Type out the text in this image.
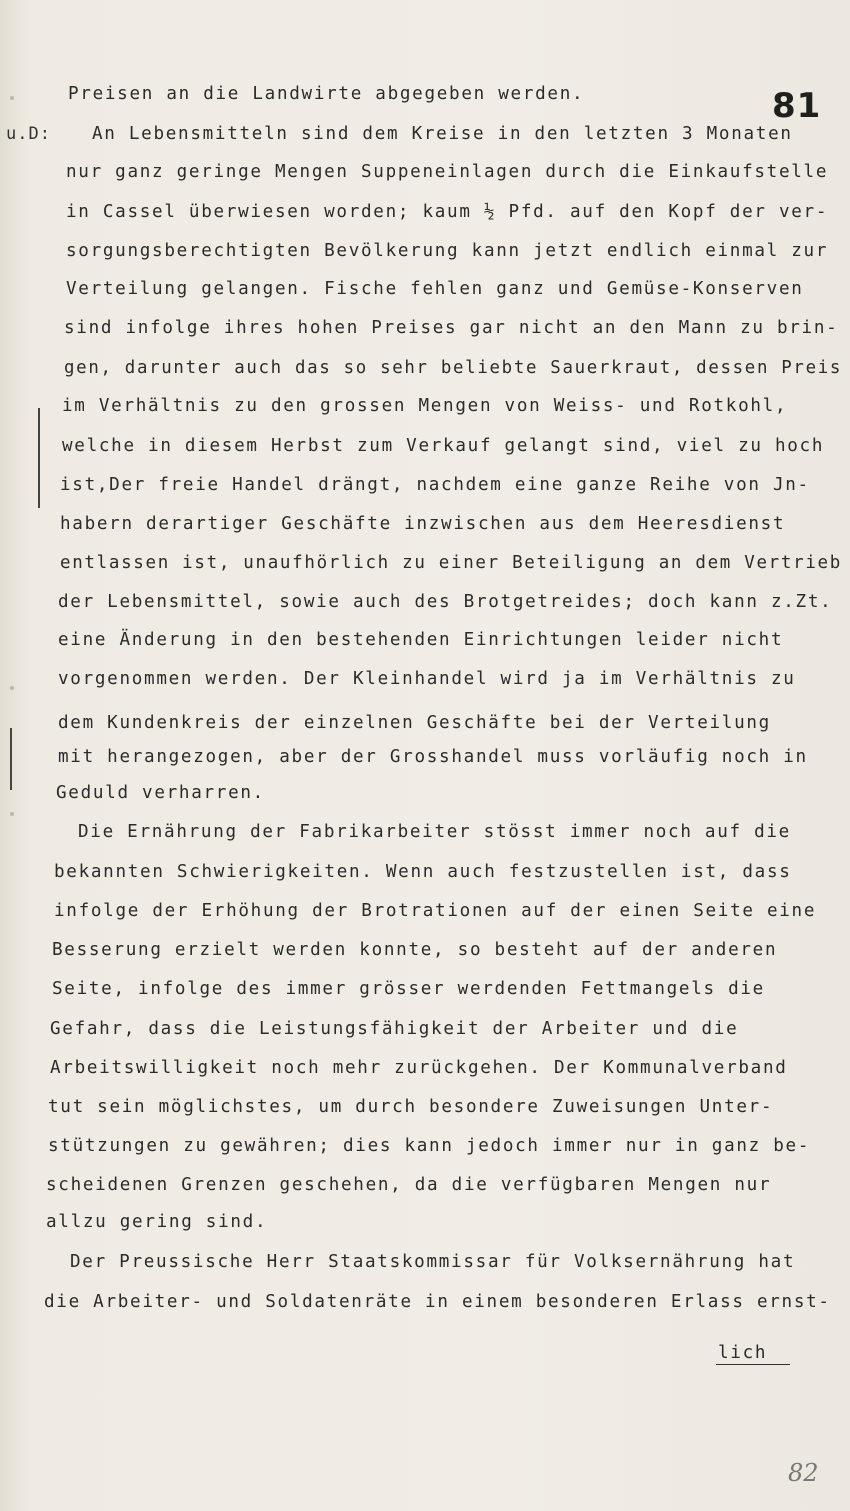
u.D:
81
Preisen an die Landwirte abgegeben werden.
An Lebensmitteln sind dem Kreise in den letzten 3 Monaten
nur ganz geringe Mengen Suppeneinlagen durch die Einkaufstelle
in Cassel überwiesen worden; kaum ½ Pfd. auf den Kopf der ver-
sorgungsberechtigten Bevölkerung kann jetzt endlich einmal zur
Verteilung gelangen. Fische fehlen ganz und Gemüse-Konserven
sind infolge ihres hohen Preises gar nicht an den Mann zu brin-
gen, darunter auch das so sehr beliebte Sauerkraut, dessen Preis
im Verhältnis zu den grossen Mengen von Weiss- und Rotkohl,
welche in diesem Herbst zum Verkauf gelangt sind, viel zu hoch
ist,Der freie Handel drängt, nachdem eine ganze Reihe von Jn-
habern derartiger Geschäfte inzwischen aus dem Heeresdienst
entlassen ist, unaufhörlich zu einer Beteiligung an dem Vertrieb
der Lebensmittel, sowie auch des Brotgetreides; doch kann z.Zt.
eine Änderung in den bestehenden Einrichtungen leider nicht
vorgenommen werden. Der Kleinhandel wird ja im Verhältnis zu
dem Kundenkreis der einzelnen Geschäfte bei der Verteilung
mit herangezogen, aber der Grosshandel muss vorläufig noch in
Geduld verharren.
Die Ernährung der Fabrikarbeiter stösst immer noch auf die
bekannten Schwierigkeiten. Wenn auch festzustellen ist, dass
infolge der Erhöhung der Brotrationen auf der einen Seite eine
Besserung erzielt werden konnte, so besteht auf der anderen
Seite, infolge des immer grösser werdenden Fettmangels die
Gefahr, dass die Leistungsfähigkeit der Arbeiter und die
Arbeitswilligkeit noch mehr zurückgehen. Der Kommunalverband
tut sein möglichstes, um durch besondere Zuweisungen Unter-
stützungen zu gewähren; dies kann jedoch immer nur in ganz be-
scheidenen Grenzen geschehen, da die verfügbaren Mengen nur
allzu gering sind.
Der Preussische Herr Staatskommissar für Volksernährung hat
die Arbeiter- und Soldatenräte in einem besonderen Erlass ernst-
lich
82
